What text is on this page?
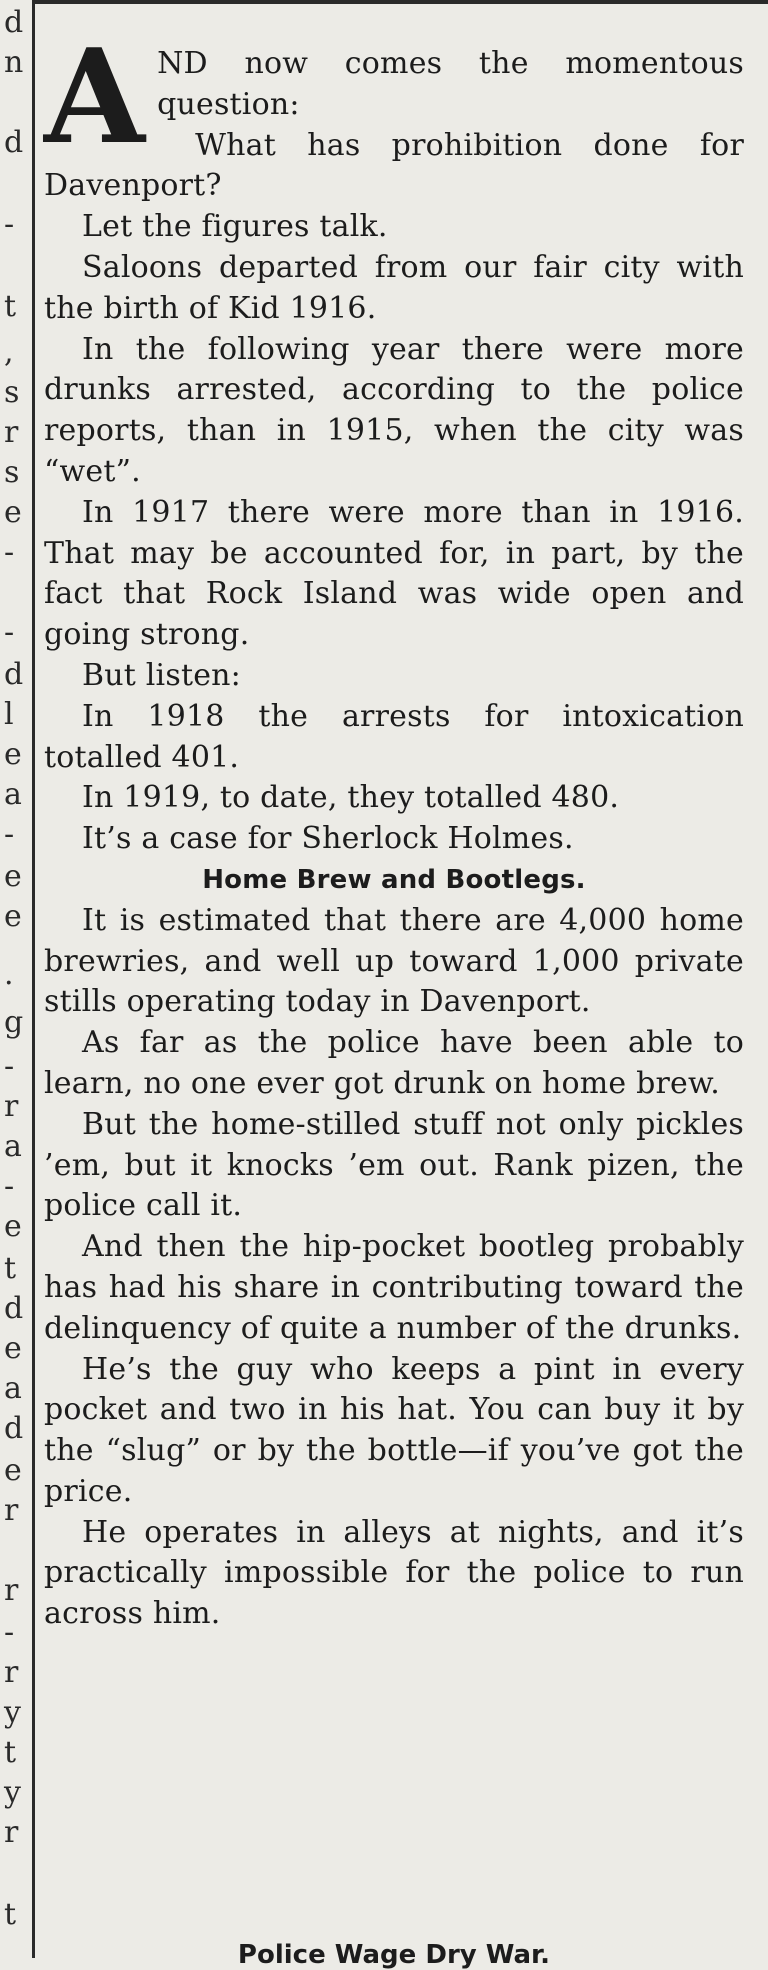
d
n
d
-
t
,
s
r
s
e
-
-
d
l
e
a
-
e
e
.
g
-
r
a
-
e
t
d
e
a
d
e
r
r
-
r
y
t
y
r
t
A ND now comes the momentous question:

What has prohibition done for Davenport?

Let the figures talk.

Saloons departed from our fair city with the birth of Kid 1916.

In the following year there were more drunks arrested, according to the police reports, than in 1915, when the city was “wet”.

In 1917 there were more than in 1916. That may be accounted for, in part, by the fact that Rock Island was wide open and going strong.

But listen:

In 1918 the arrests for intoxication totalled 401.

In 1919, to date, they totalled 480.

It’s a case for Sherlock Holmes.

Home Brew and Bootlegs.

It is estimated that there are 4,000 home brewries, and well up toward 1,000 private stills operating today in Davenport.

As far as the police have been able to learn, no one ever got drunk on home brew.

But the home-stilled stuff not only pickles ’em, but it knocks ’em out. Rank pizen, the police call it.

And then the hip-pocket bootleg probably has had his share in contributing toward the delinquency of quite a number of the drunks.

He’s the guy who keeps a pint in every pocket and two in his hat. You can buy it by the “slug” or by the bottle—if you’ve got the price.

He operates in alleys at nights, and it’s practically impossible for the police to run across him.

Police Wage Dry War.
